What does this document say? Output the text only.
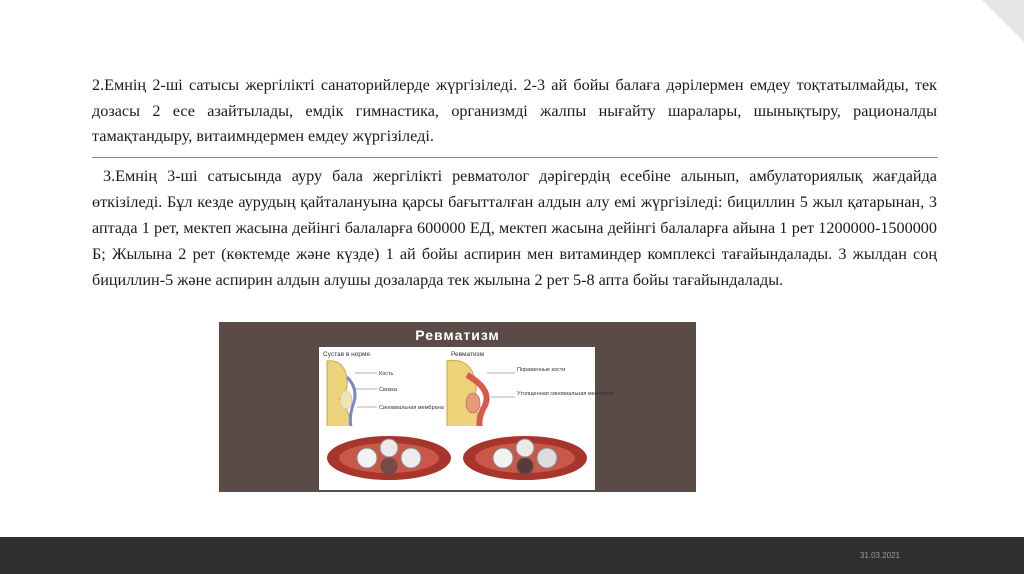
2.Емнің 2-ші сатысы жергілікті санаторийлерде жүргізіледі. 2-3 ай бойы балаға дәрілермен емдеу тоқтатылмайды, тек дозасы 2 есе азайтылады, емдік гимнастика, организмді жалпы нығайту шаралары, шынықтыру, рационалды тамақтандыру, витаимндермен емдеу жүргізіледі.
3.Емнің 3-ші сатысында ауру бала жергілікті ревматолог дәрігердің есебіне алынып, амбулаториялық жағдайда өткізіледі. Бұл кезде аурудың қайталануына қарсы бағытталған алдын алу емі жүргізіледі: бициллин 5 жыл қатарынан, 3 аптада 1 рет, мектеп жасына дейінгі балаларға 600000 ЕД, мектеп жасына дейінгі балаларға айына 1 рет 1200000-1500000 Б; Жылына 2 рет (көктемде және күзде) 1 ай бойы аспирин мен витаминдер комплексі тағайындалады. 3 жылдан соң бициллин-5 және аспирин алдын алушы дозаларда тек жылына 2 рет 5-8 апта бойы тағайындалады.
Ревматизм
Сустав в норме
Кость
Связка
Синовиальная мембрана
Ревматизм
Пораженные кости
Утолщенная синовиальная мембрана
31.03.2021
